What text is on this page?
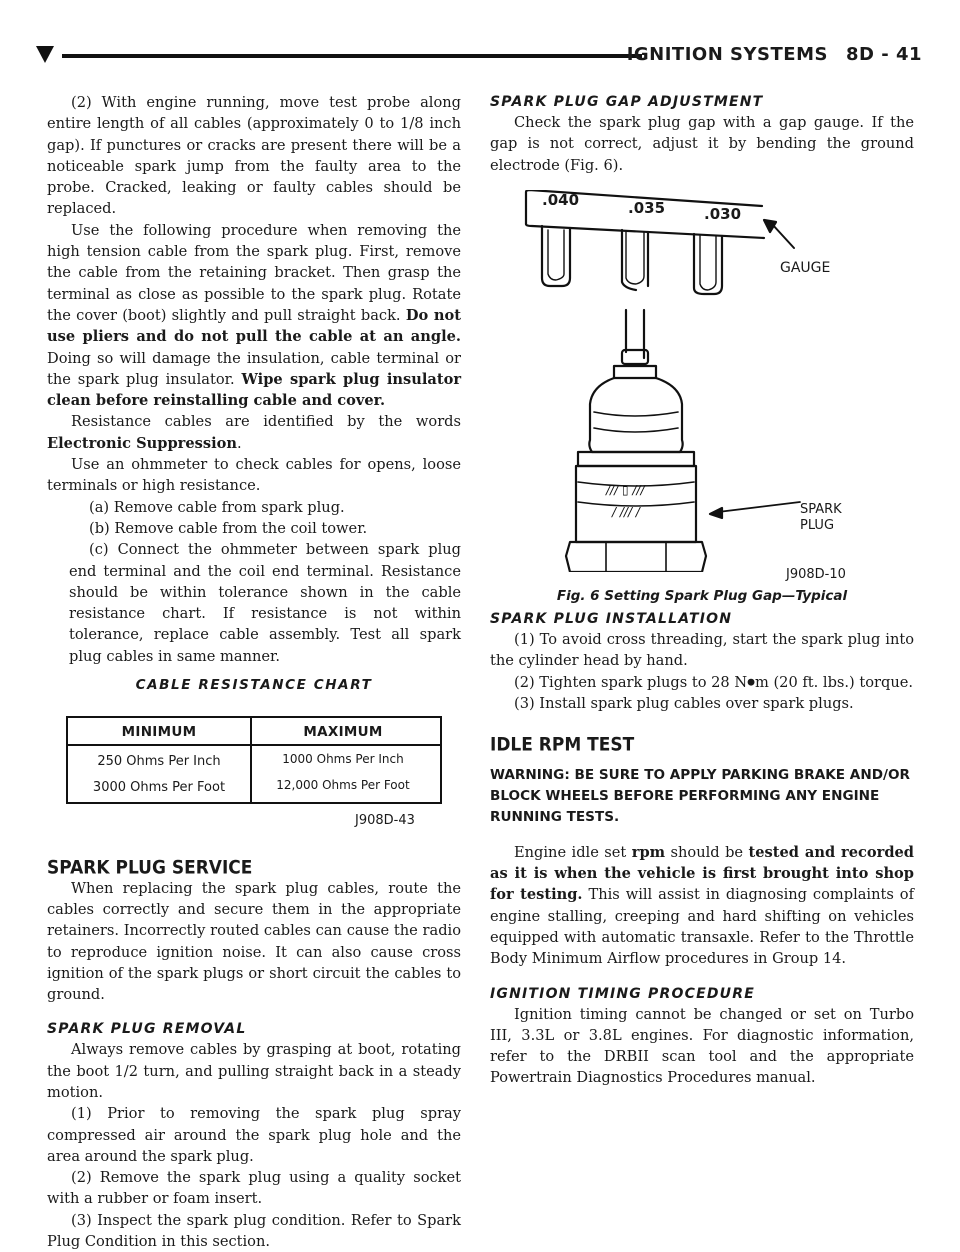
IGNITION SYSTEMS 8D - 41

(2) With engine running, move test probe along entire length of all cables (approximately 0 to 1/8 inch gap). If punctures or cracks are present there will be a noticeable spark jump from the faulty area to the probe. Cracked, leaking or faulty cables should be replaced.

Use the following procedure when removing the high tension cable from the spark plug. First, remove the cable from the retaining bracket. Then grasp the terminal as close as possible to the spark plug. Rotate the cover (boot) slightly and pull straight back. Do not use pliers and do not pull the cable at an angle. Doing so will damage the insulation, cable terminal or the spark plug insulator. Wipe spark plug insulator clean before reinstalling cable and cover.

Resistance cables are identified by the words Electronic Suppression.

Use an ohmmeter to check cables for opens, loose terminals or high resistance.

(a) Remove cable from spark plug.

(b) Remove cable from the coil tower.

(c) Connect the ohmmeter between spark plug end terminal and the coil end terminal. Resistance should be within tolerance shown in the cable resistance chart. If resistance is not within tolerance, replace cable assembly. Test all spark plug cables in same manner.

CABLE RESISTANCE CHART
MINIMUM	MAXIMUM
250 Ohms Per Inch	1000 Ohms Per Inch
3000 Ohms Per Foot	12,000 Ohms Per Foot
J908D-43
SPARK PLUG SERVICE

When replacing the spark plug cables, route the cables correctly and secure them in the appropriate retainers. Incorrectly routed cables can cause the radio to reproduce ignition noise. It can also cause cross ignition of the spark plugs or short circuit the cables to ground.

SPARK PLUG REMOVAL

Always remove cables by grasping at boot, rotating the boot 1/2 turn, and pulling straight back in a steady motion.

(1) Prior to removing the spark plug spray compressed air around the spark plug hole and the area around the spark plug.

(2) Remove the spark plug using a quality socket with a rubber or foam insert.

(3) Inspect the spark plug condition. Refer to Spark Plug Condition in this section.

SPARK PLUG GAP ADJUSTMENT

Check the spark plug gap with a gap gauge. If the gap is not correct, adjust it by bending the ground electrode (Fig. 6).

/// ▯ ///
/ /// /
.040	.035	.030
GAUGE
SPARK
PLUG
J908D-10
Fig. 6 Setting Spark Plug Gap—Typical
SPARK PLUG INSTALLATION

(1) To avoid cross threading, start the spark plug into the cylinder head by hand.

(2) Tighten spark plugs to 28 N●m (20 ft. lbs.) torque.

(3) Install spark plug cables over spark plugs.

IDLE RPM TEST
WARNING: BE SURE TO APPLY PARKING BRAKE AND/OR BLOCK WHEELS BEFORE PERFORMING ANY ENGINE RUNNING TESTS.

Engine idle set rpm should be tested and recorded as it is when the vehicle is first brought into shop for testing. This will assist in diagnosing complaints of engine stalling, creeping and hard shifting on vehicles equipped with automatic transaxle. Refer to the Throttle Body Minimum Airflow procedures in Group 14.

IGNITION TIMING PROCEDURE

Ignition timing cannot be changed or set on Turbo III, 3.3L or 3.8L engines. For diagnostic information, refer to the DRBII scan tool and the appropriate Powertrain Diagnostics Procedures manual.
